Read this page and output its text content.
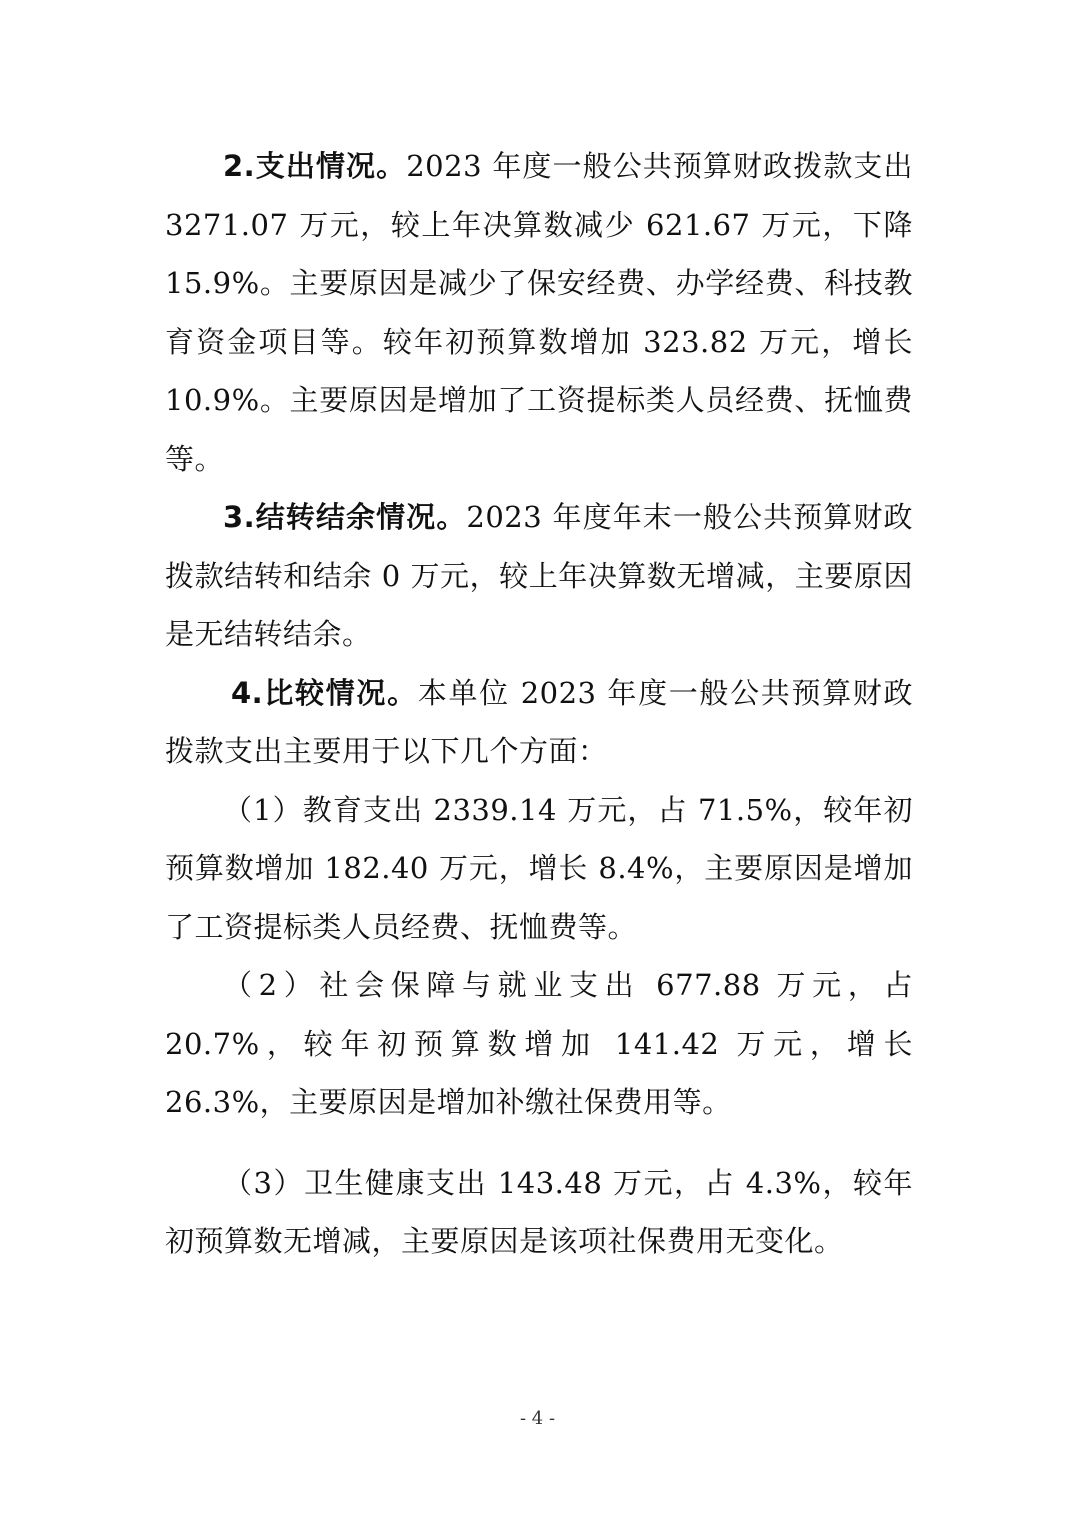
2.支出情况。2023 年度一般公共预算财政拨款支出 3271.07 万元，较上年决算数减少 621.67 万元，下降 15.9%。主要原因是减少了保安经费、办学经费、科技教育资金项目等。较年初预算数增加 323.82 万元，增长 10.9%。主要原因是增加了工资提标类人员经费、抚恤费等。

3.结转结余情况。2023 年度年末一般公共预算财政拨款结转和结余 0 万元，较上年决算数无增减，主要原因是无结转结余。

4.比较情况。本单位 2023 年度一般公共预算财政拨款支出主要用于以下几个方面：

（1）教育支出 2339.14 万元，占 71.5%，较年初预算数增加 182.40 万元，增长 8.4%，主要原因是增加了工资提标类人员经费、抚恤费等。

（2）社会保障与就业支出 677.88 万元，占 20.7%，较年初预算数增加 141.42 万元，增长 26.3%，主要原因是增加补缴社保费用等。

（3）卫生健康支出 143.48 万元，占 4.3%，较年初预算数无增减，主要原因是该项社保费用无变化。

- 4 -
